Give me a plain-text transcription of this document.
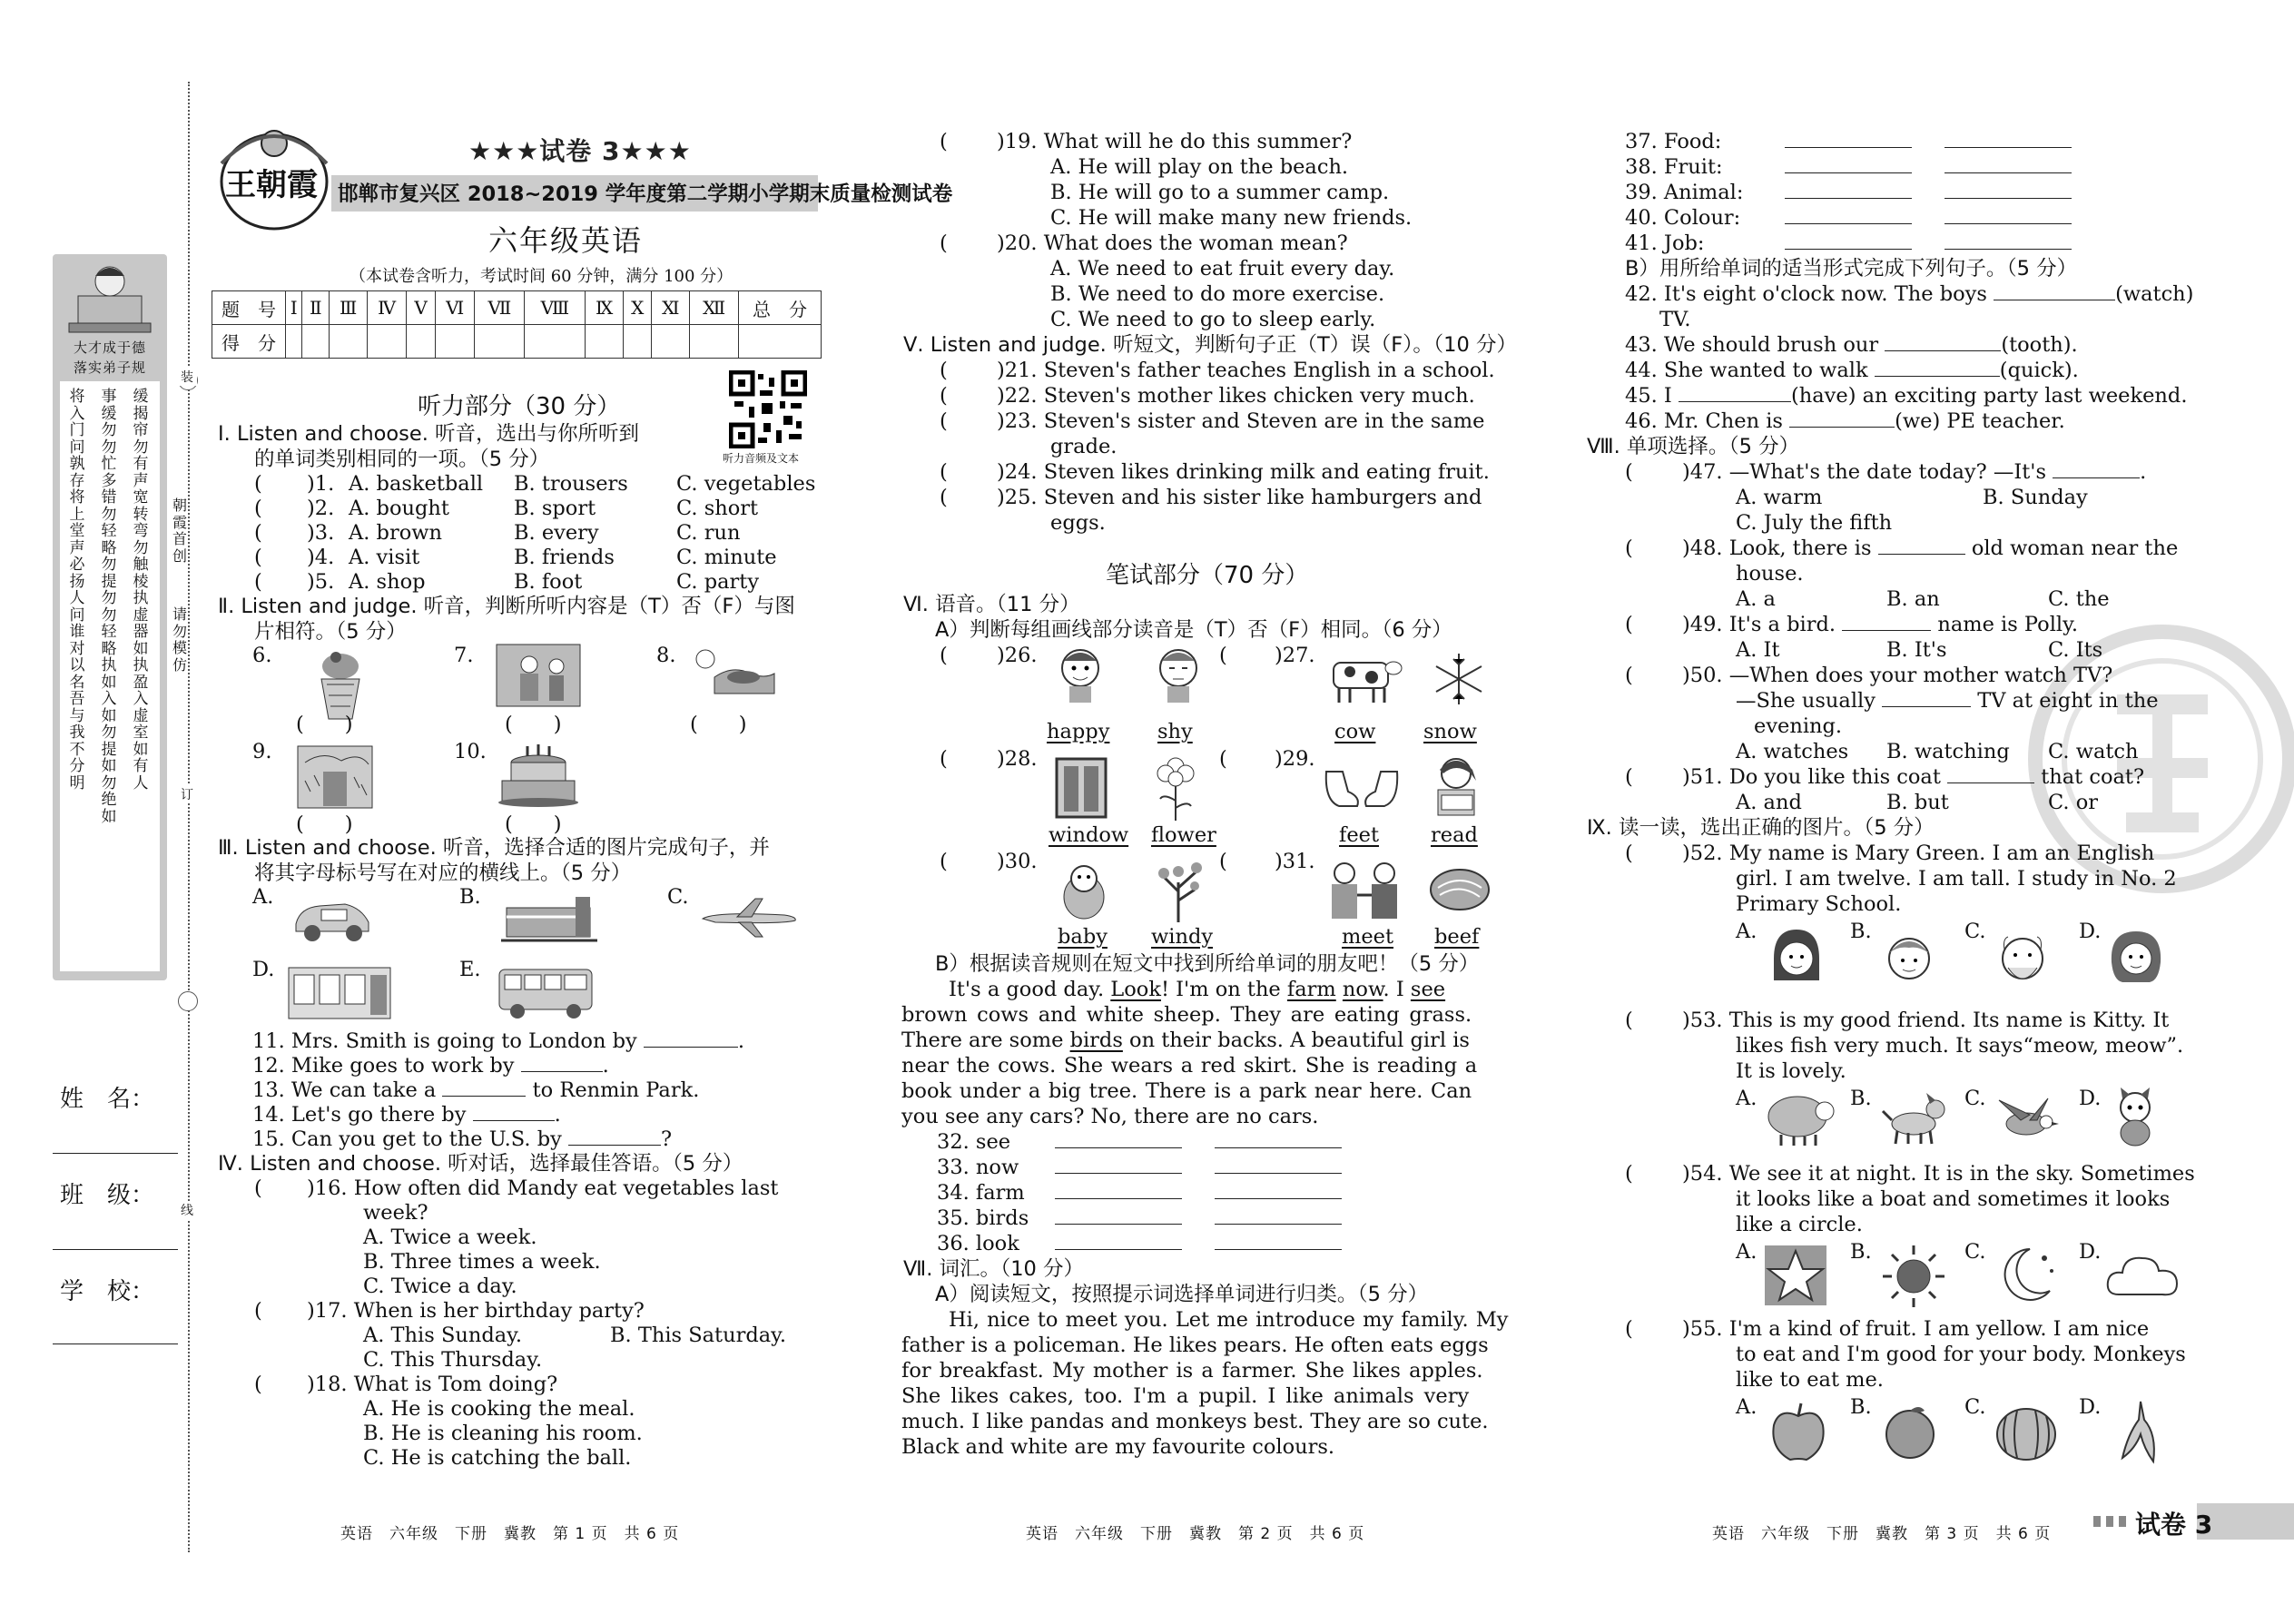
装
订
线
朝霞首创
请勿模仿
大才成于德
落实弟子规
将入门问孰存将上堂声必扬人问谁对以名吾与我不分明
事缓勿勿忙多错勿轻略勿提勿勿轻略执如入如勿提如勿绝如
缓揭帘勿有声宽转弯勿触棱执虚器如执盈入虚室如有人
姓　名：
班　级：
学　校：
王朝霞
★★★试卷 3★★★
邯郸市复兴区 2018~2019 学年度第二学期小学期末质量检测试卷
六年级英语
（本试卷含听力，考试时间 60 分钟，满分 100 分）
题　号	Ⅰ	Ⅱ	Ⅲ	Ⅳ	Ⅴ	Ⅵ	Ⅶ	Ⅷ	Ⅸ	Ⅹ	Ⅺ	Ⅻ	总　分
得　分													
听力音频及文本
听力部分（30 分）
Ⅰ. Listen and choose. 听音，选出与你所听到
的单词类别相同的一项。（5 分）
( )1. A. basketball B. trousers C. vegetables
( )2. A. bought	B. sport	C. short
( )3. A. brown	B. every	C. run
( )4. A. visit	B. friends	C. minute
( )5. A. shop	B. foot	C. party
Ⅱ. Listen and judge. 听音，判断所听内容是（T）否（F）与图
片相符。（5 分）
6.
(　　)
7.
(　　)
8.
(　　)
9.
(　　)
10.
(　　)
Ⅲ. Listen and choose. 听音，选择合适的图片完成句子，并
将其字母标号写在对应的横线上。（5 分）
A.	B.	C.
D.	E.
11. Mrs. Smith is going to London by	.
12. Mike goes to work by	.
13. We can take a	to Renmin Park.
14. Let's go there by	.
15. Can you get to the U.S. by	?
Ⅳ. Listen and choose. 听对话，选择最佳答语。（5 分）
( )16. How often did Mandy eat vegetables last
week?
A. Twice a week.
B. Three times a week.
C. Twice a day.
( )17. When is her birthday party?
A. This Sunday.	B. This Saturday.
C. This Thursday.
( )18. What is Tom doing?
A. He is cooking the meal.
B. He is cleaning his room.
C. He is catching the ball.
英语　六年级　下册　冀教　第 1 页　共 6 页
( )19. What will he do this summer?
A. He will play on the beach.
B. He will go to a summer camp.
C. He will make many new friends.
( )20. What does the woman mean?
A. We need to eat fruit every day.
B. We need to do more exercise.
C. We need to go to sleep early.
Ⅴ. Listen and judge. 听短文，判断句子正（T）误（F）。（10 分）
( )21. Steven's father teaches English in a school.
( )22. Steven's mother likes chicken very much.
( )23. Steven's sister and Steven are in the same
grade.
( )24. Steven likes drinking milk and eating fruit.
( )25. Steven and his sister like hamburgers and
eggs.
笔试部分（70 分）
Ⅵ. 语音。（11 分）
A）判断每组画线部分读音是（T）否（F）相同。（6 分）
( )26.
happy shy
( )27.
cow snow
( )28.
window flower
( )29.
feet	read
( )30.
baby windy
( )31.
meet beef
B）根据读音规则在短文中找到所给单词的朋友吧！（5 分）
It's a good day. Look! I'm on the farm now. I see
brown cows and white sheep. They are eating grass.
There are some birds on their backs. A beautiful girl is
near the cows. She wears a red skirt. She is reading a
book under a big tree. There is a park near here. Can
you see any cars? No, there are no cars.
32. see
33. now
34. farm
35. birds
36. look
Ⅶ. 词汇。（10 分）
A）阅读短文，按照提示词选择单词进行归类。（5 分）
Hi, nice to meet you. Let me introduce my family. My
father is a policeman. He likes pears. He often eats eggs
for breakfast. My mother is a farmer. She likes apples.
She likes cakes, too. I'm a pupil. I like animals very
much. I like pandas and monkeys best. They are so cute.
Black and white are my favourite colours.
英语　六年级　下册　冀教　第 2 页　共 6 页
37. Food:
38. Fruit:
39. Animal:
40. Colour:
41. Job:
B）用所给单词的适当形式完成下列句子。（5 分）
42. It's eight o'clock now. The boys	(watch)
TV.
43. We should brush our	(tooth).
44. She wanted to walk	(quick).
45. I	(have) an exciting party last weekend.
46. Mr. Chen is	(we) PE teacher.
Ⅷ. 单项选择。（5 分）
( )47. —What's the date today? —It's	.
A. warm	B. Sunday
C. July the fifth
( )48. Look, there is	old woman near the
house.
A. a	B. an	C. the
( )49. It's a bird.	name is Polly.
A. It	B. It's	C. Its
( )50. —When does your mother watch TV?
—She usually	TV at eight in the
evening.
A. watches B. watching C. watch
( )51. Do you like this coat	that coat?
A. and	B. but	C. or
Ⅸ. 读一读，选出正确的图片。（5 分）
( )52. My name is Mary Green. I am an English
girl. I am twelve. I am tall. I study in No. 2
Primary School.
A.	B.	C.	D.
( )53. This is my good friend. Its name is Kitty. It
likes fish very much. It says“meow, meow”.
It is lovely.
A.	B.	C.	D.
( )54. We see it at night. It is in the sky. Sometimes
it looks like a boat and sometimes it looks
like a circle.
A.	B.	C.	D.
( )55. I'm a kind of fruit. I am yellow. I am nice
to eat and I'm good for your body. Monkeys
like to eat me.
A.	B.	C.	D.
英语　六年级　下册　冀教　第 3 页　共 6 页	试卷 3
